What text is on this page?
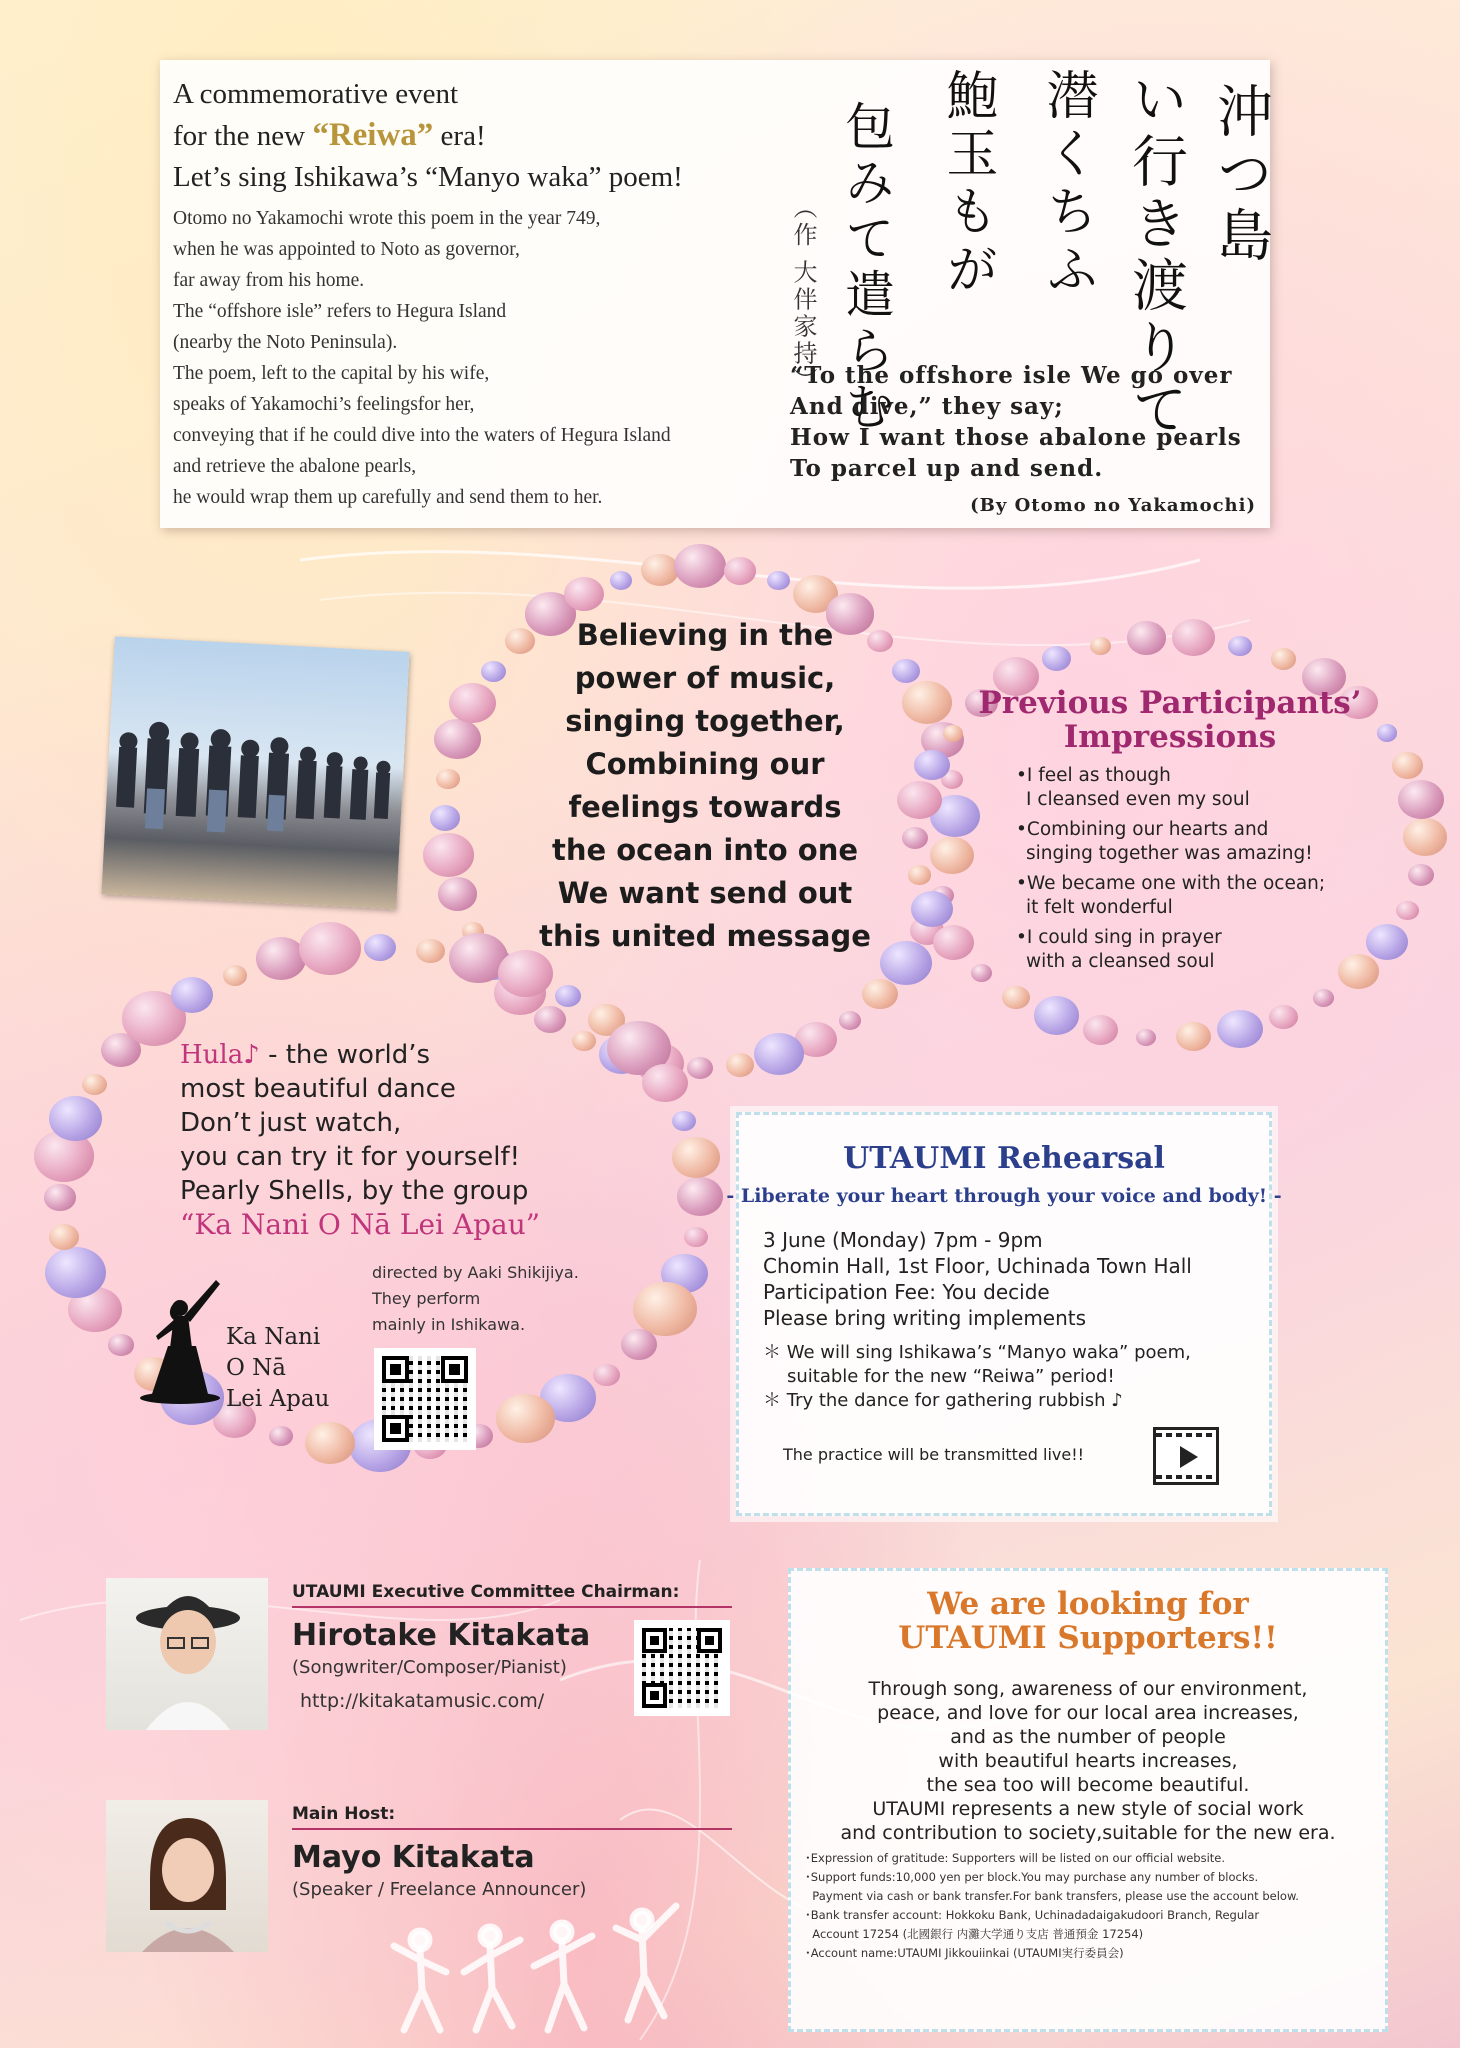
A commemorative event
for the new “Reiwa” era!
Let’s sing Ishikawa’s “Manyo waka” poem!
Otomo no Yakamochi wrote this poem in the year 749,
when he was appointed to Noto as governor,
far away from his home.
The “offshore isle” refers to Hegura Island
(nearby the Noto Peninsula).
The poem, left to the capital by his wife,
speaks of Yakamochi’s feelingsfor her,
conveying that if he could dive into the waters of Hegura Island
and retrieve the abalone pearls,
he would wrap them up carefully and send them to her.
沖つ島
い行き渡りて
潜くちふ
鮑玉もが
包みて遣らむ
（作 大伴家持）
“To the offshore isle We go over
And dive,” they say;
How I want those abalone pearls
To parcel up and send.
(By Otomo no Yakamochi)
Believing in the
power of music,
singing together,
Combining our
feelings towards
the ocean into one
We want send out
this united message
Previous Participants’
Impressions
•I feel as though
I cleansed even my soul
•Combining our hearts and
singing together was amazing!
•We became one with the ocean;
it felt wonderful
•I could sing in prayer
with a cleansed soul
Hula♪ - the world’s
most beautiful dance
Don’t just watch,
you can try it for yourself!
Pearly Shells, by the group
“Ka Nani O Nā Lei Apau”
directed by Aaki Shikijiya.
They perform
mainly in Ishikawa.
Ka Nani
O Nā
Lei Apau
UTAUMI Rehearsal
- Liberate your heart through your voice and body! -
3 June (Monday) 7pm - 9pm
Chomin Hall, 1st Floor, Uchinada Town Hall
Participation Fee: You decide
Please bring writing implements
＊ We will sing Ishikawa’s “Manyo waka” poem,
suitable for the new “Reiwa” period!
＊ Try the dance for gathering rubbish ♪
The practice will be transmitted live!!
UTAUMI Executive Committee Chairman:
Hirotake Kitakata
(Songwriter/Composer/Pianist)
http://kitakatamusic.com/
Main Host:
Mayo Kitakata
(Speaker / Freelance Announcer)
We are looking for
UTAUMI Supporters!!
Through song, awareness of our environment,
peace, and love for our local area increases,
and as the number of people
with beautiful hearts increases,
the sea too will become beautiful.
UTAUMI represents a new style of social work
and contribution to society,suitable for the new era.
･Expression of gratitude: Supporters will be listed on our official website.
･Support funds:10,000 yen per block.You may purchase any number of blocks.
Payment via cash or bank transfer.For bank transfers, please use the account below.
･Bank transfer account: Hokkoku Bank, Uchinadadaigakudoori Branch, Regular
Account 17254 (北國銀行 内灘大学通り支店 普通預金 17254)
･Account name:UTAUMI Jikkouiinkai (UTAUMI実行委員会)
